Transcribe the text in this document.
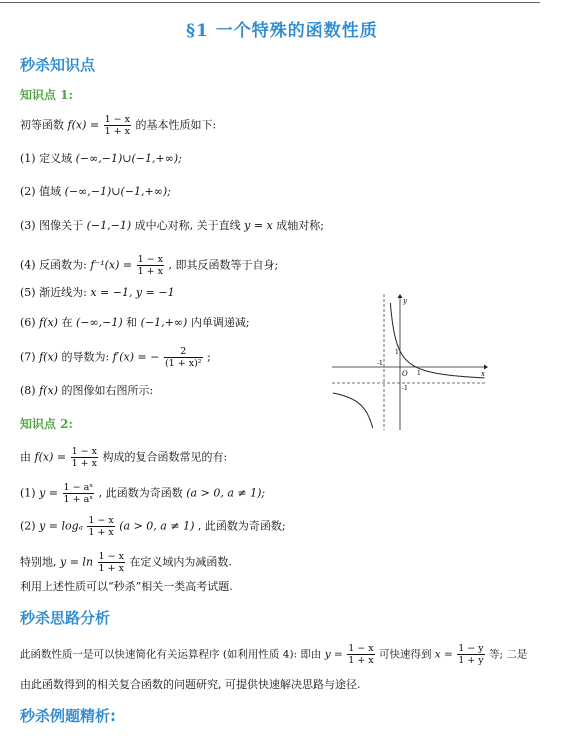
§1 一个特殊的函数性质
秒杀知识点
知识点 1:
初等函数 $f(x) = \frac{1 - x}{1 + x}$ 的基本性质如下:
(1) 定义域 (−∞,−1)∪(−1,+∞);
(2) 值域 (−∞,−1)∪(−1,+∞);
(3) 图像关于 (−1,−1) 成中心对称, 关于直线 y = x 成轴对称;
(4) 反函数为: $f^{-1}(x) = \frac{1 - x}{1 + x}$ , 即其反函数等于自身;
(5) 渐近线为: x = −1, y = −1
(6) f(x) 在 (−∞,−1) 和 (−1,+∞) 内单调递减;
(7) f(x) 的导数为: f′(x) = − $\frac{2}{\text{(1 + x)²}}$ ;
(8) f(x) 的图像如右图所示:
x
y
O
-1
1
1
-1
知识点 2:
由 $f(x) = \frac{1 - x}{1 + x}$ 构成的复合函数常见的有:
(1) $y = \frac{\text{1 − aˣ}}{\text{1 + aˣ}}$ , 此函数为奇函数 (a > 0, a ≠ 1);
(2) y = logₐ $\frac{1 - x}{1 + x} (a > 0$, a ≠ 1) , 此函数为奇函数;
特别地, $y = \ln \frac{1 - x}{1 + x}$ 在定义域内为减函数.
利用上述性质可以“秒杀”相关一类高考试题.
秒杀思路分析
此函数性质一是可以快速简化有关运算程序 (如利用性质 4): 即由 $y = \frac{1 - x}{1 + x}$ 可快速得到 $x = \frac{1 - y}{1 + y}$ 等; 二是
由此函数得到的相关复合函数的问题研究, 可提供快速解决思路与途径.
秒杀例题精析:
